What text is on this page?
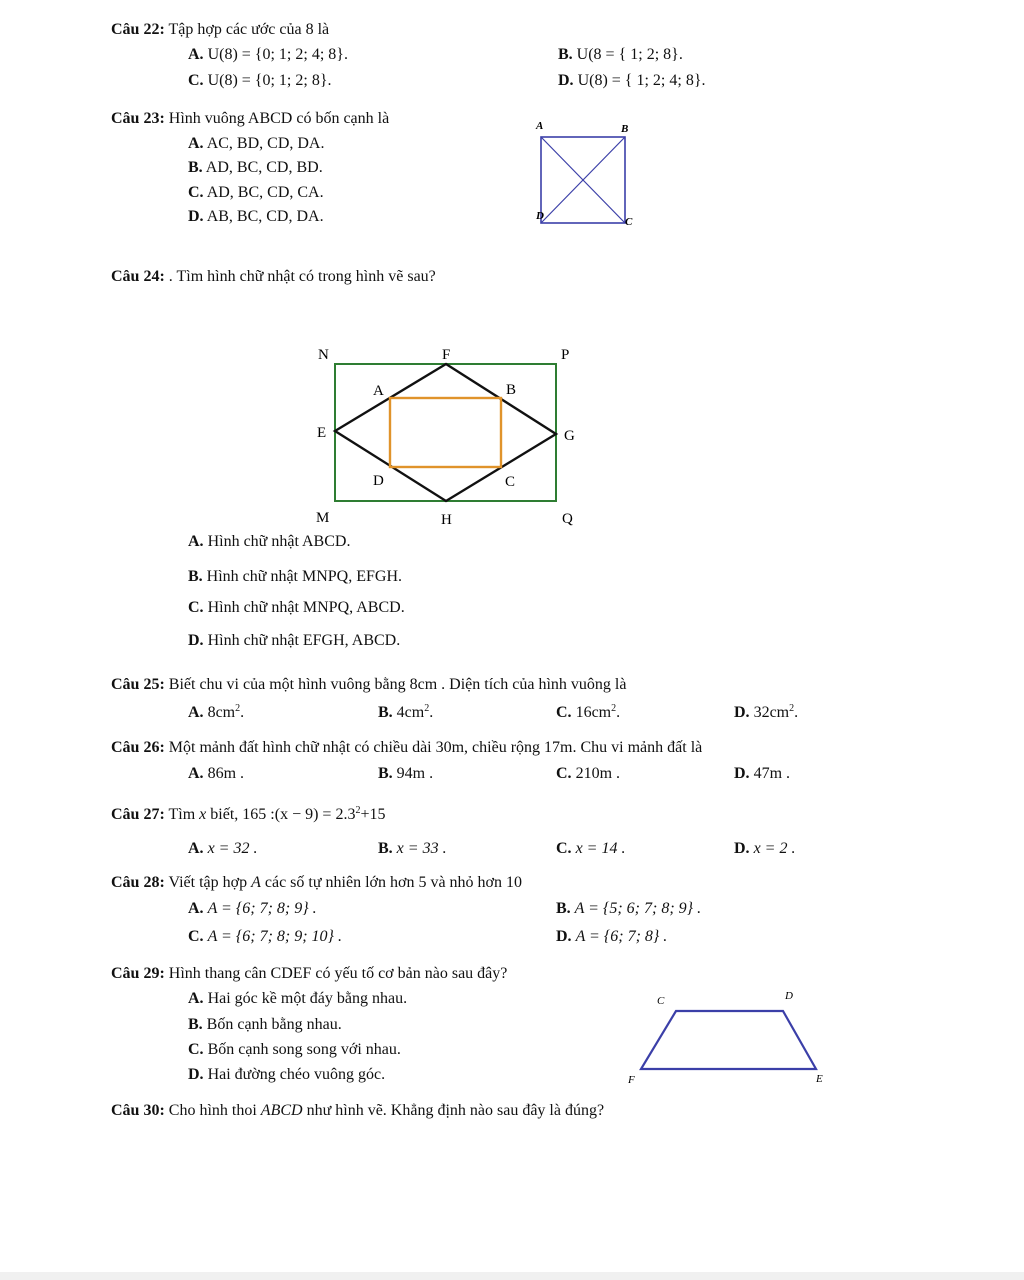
Câu 22: Tập hợp các ước của 8 là
A. U(8) = {0; 1; 2; 4; 8}.	B. U(8 = { 1; 2; 8}.
C. U(8) = {0; 1; 2; 8}.	D. U(8) = { 1; 2; 4; 8}.
Câu 23: Hình vuông ABCD có bốn cạnh là
A. AC, BD, CD, DA.
B. AD, BC, CD, BD.
C. AD, BC, CD, CA.
D. AB, BC, CD, DA.
A	B
D	C
Câu 24: . Tìm hình chữ nhật có trong hình vẽ sau?
N	F	P
A	B
E	G
D	C
M	H	Q
A. Hình chữ nhật ABCD.
B. Hình chữ nhật MNPQ, EFGH.
C. Hình chữ nhật MNPQ, ABCD.
D. Hình chữ nhật EFGH, ABCD.
Câu 25: Biết chu vi của một hình vuông bằng 8cm . Diện tích của hình vuông là
A. $8cm^2$.	B. $4cm^2$.	C. $16cm^2$.	D. $32cm^2$.
Câu 26: Một mảnh đất hình chữ nhật có chiều dài 30m, chiều rộng 17m. Chu vi mảnh đất là
A. 86m .	B. 94m .	C. 210m .	D. 47m .
Câu 27: Tìm x biết, 165 :(x − $9) = 2.3^2+15$
A. x = 32 .	B. x = 33 .	C. x = 14 .	D. x = 2 .
Câu 28: Viết tập hợp A các số tự nhiên lớn hơn 5 và nhỏ hơn 10
A. A = {6; 7; 8; 9} .	B. A = {5; 6; 7; 8; 9} .
C. A = {6; 7; 8; 9; 10} .	D. A = {6; 7; 8} .
Câu 29: Hình thang cân CDEF có yếu tố cơ bản nào sau đây?
A. Hai góc kề một đáy bằng nhau.
B. Bốn cạnh bằng nhau.
C. Bốn cạnh song song với nhau.
D. Hai đường chéo vuông góc.
C	D
F	E
Câu 30: Cho hình thoi ABCD như hình vẽ. Khẳng định nào sau đây là đúng?
